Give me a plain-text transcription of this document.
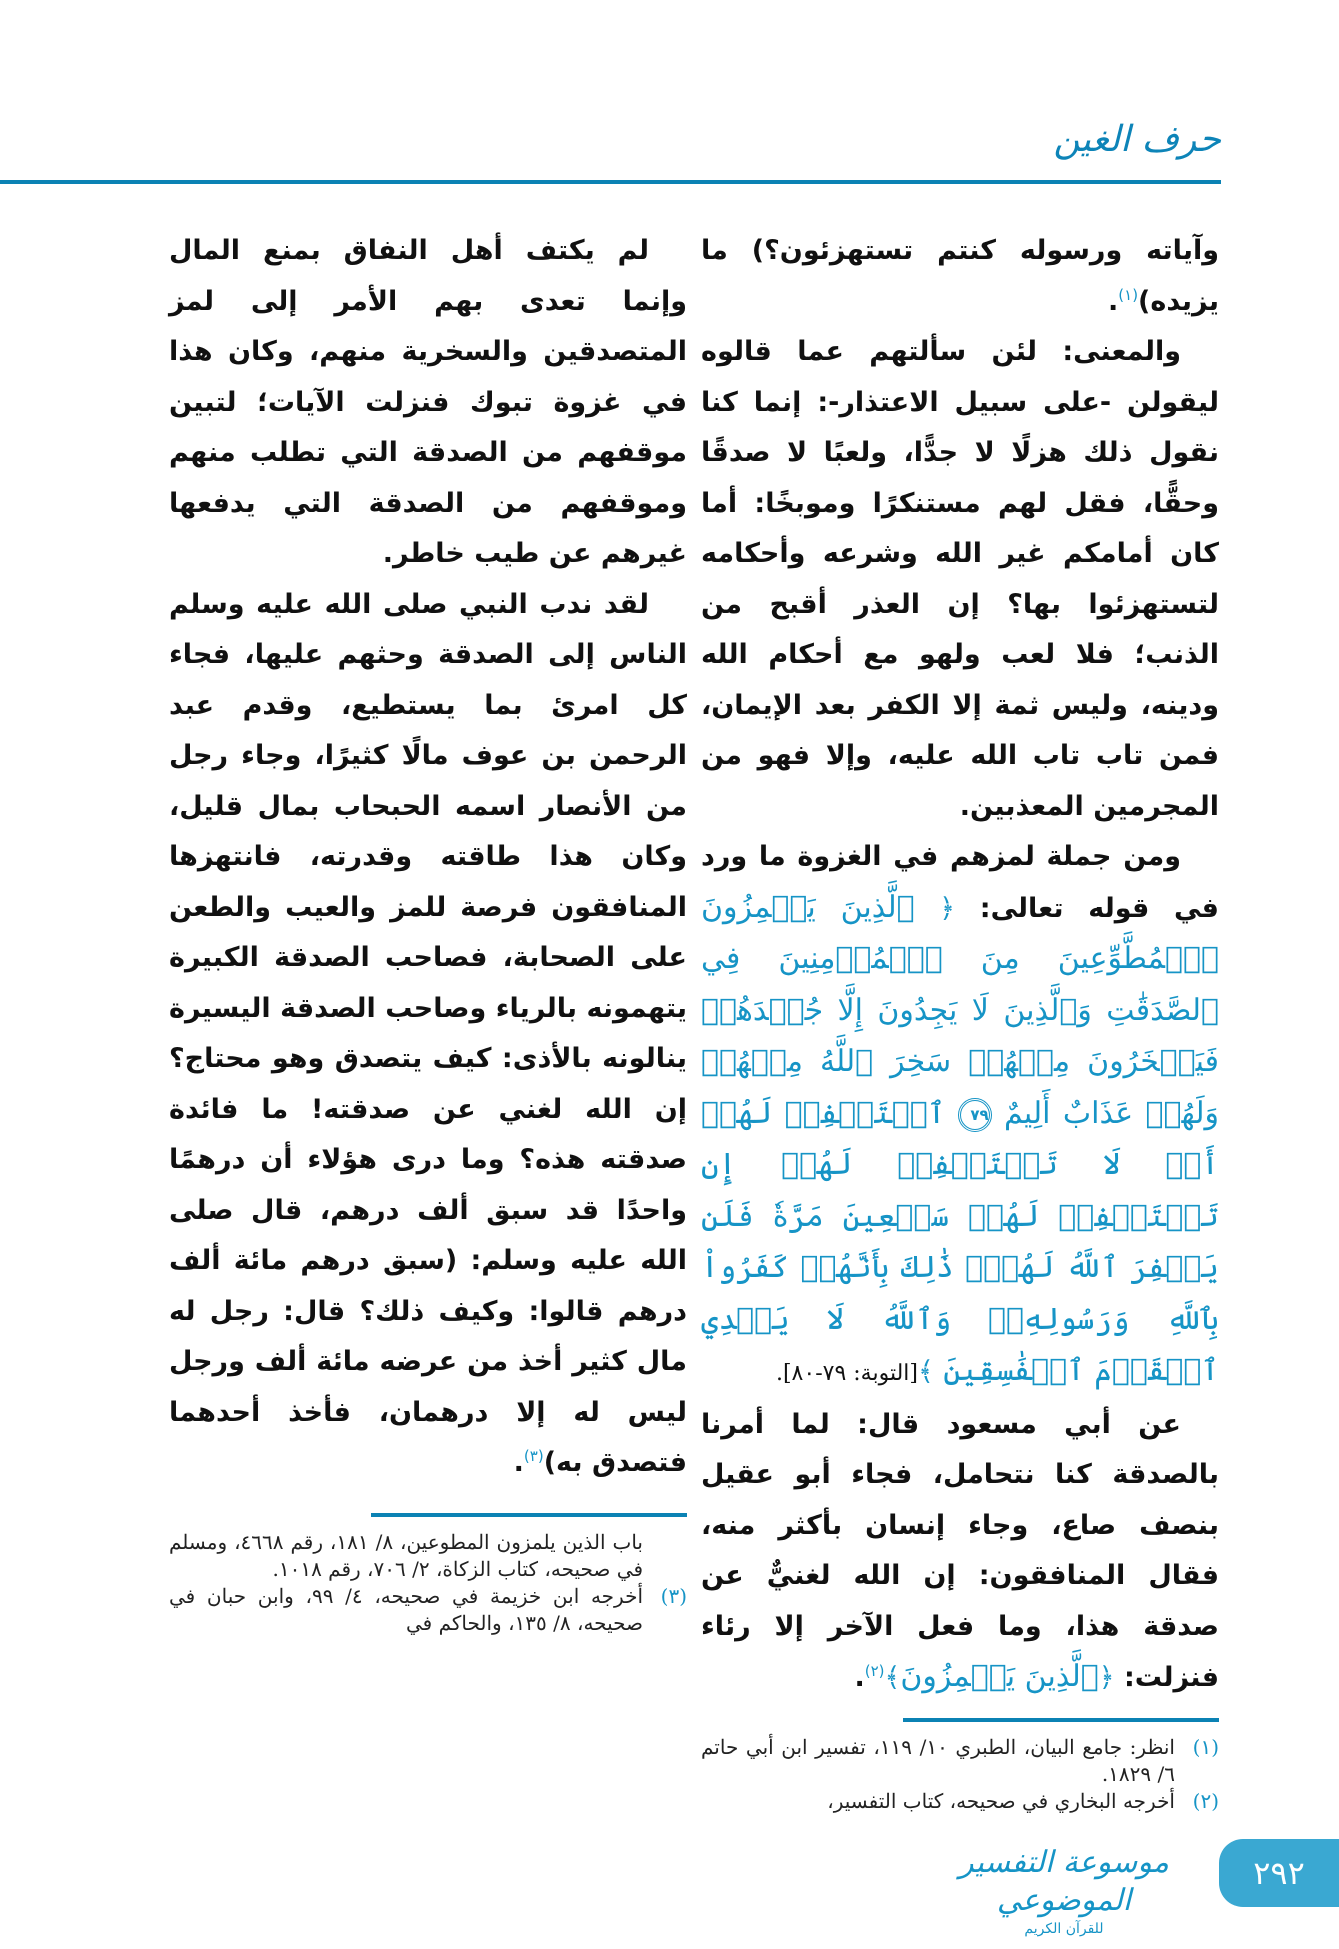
حرف الغين

وآياته ورسوله كنتم تستهزئون؟) ما يزيده)$^{(١)}$.

والمعنى: لئن سألتهم عما قالوه ليقولن -على سبيل الاعتذار-: إنما كنا نقول ذلك هزلًا لا جدًّا، ولعبًا لا صدقًا وحقًّا، فقل لهم مستنكرًا وموبخًا: أما كان أمامكم غير الله وشرعه وأحكامه لتستهزئوا بها؟ إن العذر أقبح من الذنب؛ فلا لعب ولهو مع أحكام الله ودينه، وليس ثمة إلا الكفر بعد الإيمان، فمن تاب تاب الله عليه، وإلا فهو من المجرمين المعذبين.

ومن جملة لمزهم في الغزوة ما ورد في قوله تعالى: ﴿ ٱلَّذِينَ يَلۡمِزُونَ ٱلۡمُطَّوِّعِينَ مِنَ ٱلۡمُؤۡمِنِينَ فِي ٱلصَّدَقَٰتِ وَٱلَّذِينَ لَا يَجِدُونَ إِلَّا جُهۡدَهُمۡ فَيَسۡخَرُونَ مِنۡهُمۡ سَخِرَ ٱللَّهُ مِنۡهُمۡ وَلَهُمۡ عَذَابٌ أَلِيمٌ ٧٩ ٱسۡتَغۡفِرۡ لَهُمۡ أَوۡ لَا تَسۡتَغۡفِرۡ لَهُمۡ إِن تَسۡتَغۡفِرۡ لَهُمۡ سَبۡعِينَ مَرَّةٗ فَلَن يَغۡفِرَ ٱللَّهُ لَهُمۡۚ ذَٰلِكَ بِأَنَّهُمۡ كَفَرُواْ بِٱللَّهِ وَرَسُولِهِۦۗ وَٱللَّهُ لَا يَهۡدِي ٱلۡقَوۡمَ ٱلۡفَٰسِقِينَ ﴾[التوبة: ٧٩-٨٠].

عن أبي مسعود قال: لما أمرنا بالصدقة كنا نتحامل، فجاء أبو عقيل بنصف صاع، وجاء إنسان بأكثر منه، فقال المنافقون: إن الله لغنيٌّ عن صدقة هذا، وما فعل الآخر إلا رئاء فنزلت: ﴿ٱلَّذِينَ يَلۡمِزُونَ﴾$^{(٢)}$.

(١)
انظر: جامع البيان، الطبري ١٠/ ١١٩، تفسير ابن أبي حاتم ٦/ ١٨٢٩.
(٢)
أخرجه البخاري في صحيحه، كتاب التفسير،

لم يكتف أهل النفاق بمنع المال وإنما تعدى بهم الأمر إلى لمز المتصدقين والسخرية منهم، وكان هذا في غزوة تبوك فنزلت الآيات؛ لتبين موقفهم من الصدقة التي تطلب منهم وموقفهم من الصدقة التي يدفعها غيرهم عن طيب خاطر.

لقد ندب النبي صلى الله عليه وسلم الناس إلى الصدقة وحثهم عليها، فجاء كل امرئ بما يستطيع، وقدم عبد الرحمن بن عوف مالًا كثيرًا، وجاء رجل من الأنصار اسمه الحبحاب بمال قليل، وكان هذا طاقته وقدرته، فانتهزها المنافقون فرصة للمز والعيب والطعن على الصحابة، فصاحب الصدقة الكبيرة يتهمونه بالرياء وصاحب الصدقة اليسيرة ينالونه بالأذى: كيف يتصدق وهو محتاج؟ إن الله لغني عن صدقته! ما فائدة صدقته هذه؟ وما درى هؤلاء أن درهمًا واحدًا قد سبق ألف درهم، قال صلى الله عليه وسلم: (سبق درهم مائة ألف درهم قالوا: وكيف ذلك؟ قال: رجل له مال كثير أخذ من عرضه مائة ألف ورجل ليس له إلا درهمان، فأخذ أحدهما فتصدق به)$^{(٣)}$.

باب الذين يلمزون المطوعين، ٨/ ١٨١، رقم ٤٦٦٨، ومسلم في صحيحه، كتاب الزكاة، ٢/ ٧٠٦، رقم ١٠١٨.
(٣)
أخرجه ابن خزيمة في صحيحه، ٤/ ٩٩، وابن حبان في صحيحه، ٨/ ١٣٥، والحاكم في
موسوعة التفسير الموضوعي
للقرآن الكريم
٢٩٢
